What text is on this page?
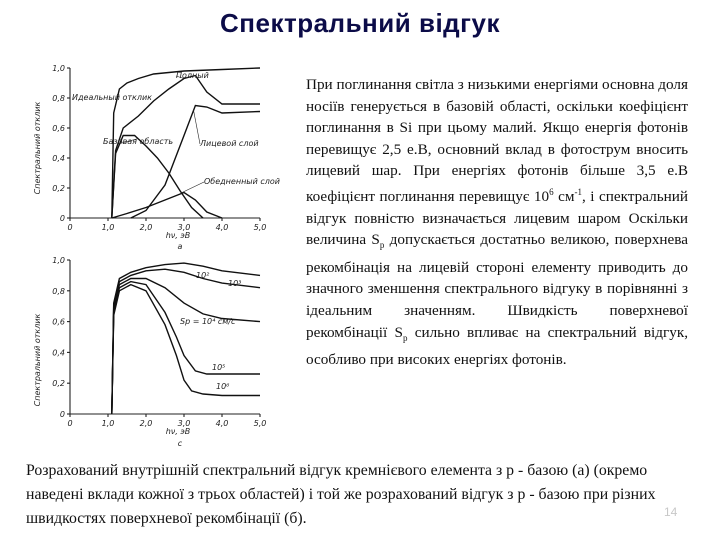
Спектральний відгук
Спектральний отклик
0
0,2
0,4
0,6
0,8
1,0
0	1,0	2,0	3,0	4,0	5,0
hν, эВ
а
Полный
Идеальный отклик
Базовая область	Лицевой слой
Обедненный слой
Спектральний отклик
0
0,2
0,4
0,6
0,8
1,0
0	1,0	2,0	3,0	4,0	5,0
hν, эВ
с
10²
10³
Sp = 10⁴ см/с
10⁵
10⁶
При поглинання світла з низькими енергіями основна доля носіїв генерується в базовій області, оскільки коефіцієнт поглинання в Si при цьому малий. Якщо енергія фотонів перевищує 2,5 е.В, основний вклад в фотострум вносить лицевий шар. При енергіях фотонів більше 3,5 е.В коефіцієнт поглинання перевищує $10^6$ $см^{-1}$, і спектральний відгук повністю визначається лицевим шаром Оскільки величина $S_p$ допускається достатньо великою, поверхнева рекомбінація на лицевій стороні елементу приводить до значного зменшення спектрального відгуку в порівнянні з ідеальним значенням. Швидкість поверхневої рекомбінації $S_p$ сильно впливає на спектральний відгук, особливо при високих енергіях фотонів.
Розрахований внутрішній спектральний відгук кремнієвого елемента з р - базою (а) (окремо наведені вклади кожної з трьох областей) і той же розрахований відгук з р - базою при різних швидкостях поверхневої рекомбінації (б).	14
